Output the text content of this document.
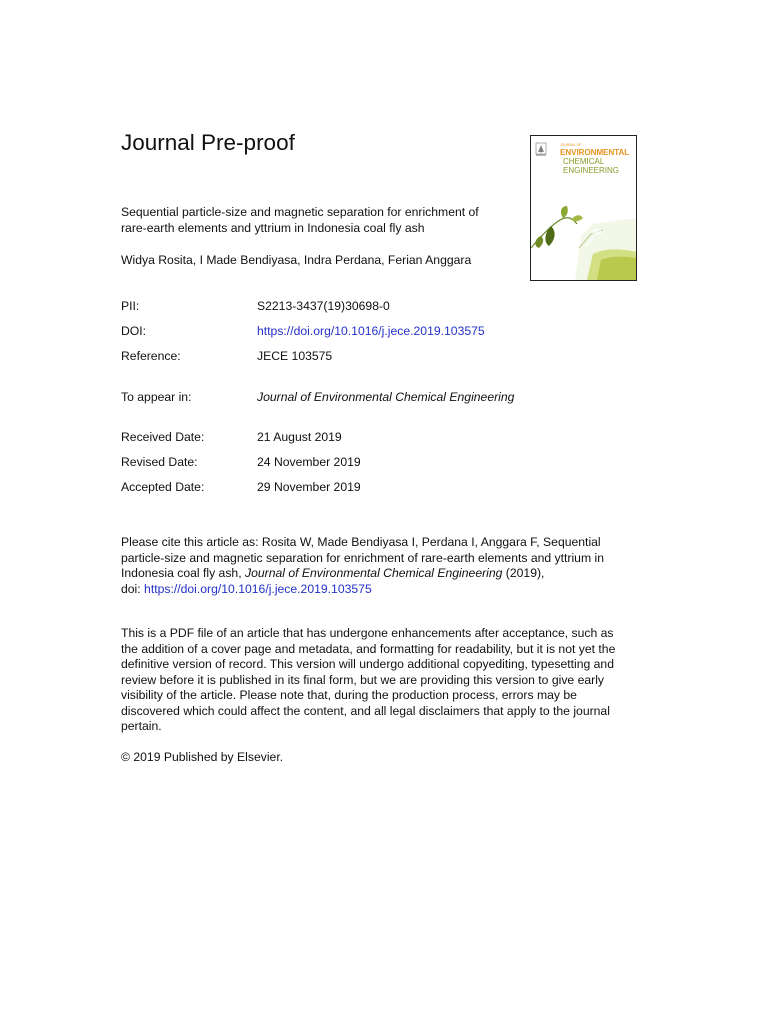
Journal Pre-proof	JOURNAL OF
ENVIRONMENTAL
CHEMICAL
ENGINEERING
Sequential particle-size and magnetic separation for enrichment of
rare-earth elements and yttrium in Indonesia coal fly ash
Widya Rosita, I Made Bendiyasa, Indra Perdana, Ferian Anggara
PII:	S2213-3437(19)30698-0
DOI:	https://doi.org/10.1016/j.jece.2019.103575
Reference:	JECE 103575
To appear in:	Journal of Environmental Chemical Engineering
Received Date:	21 August 2019
Revised Date:	24 November 2019
Accepted Date:	29 November 2019
Please cite this article as: Rosita W, Made Bendiyasa I, Perdana I, Anggara F, Sequential
particle-size and magnetic separation for enrichment of rare-earth elements and yttrium in
Indonesia coal fly ash, Journal of Environmental Chemical Engineering (2019),
doi: https://doi.org/10.1016/j.jece.2019.103575
This is a PDF file of an article that has undergone enhancements after acceptance, such as
the addition of a cover page and metadata, and formatting for readability, but it is not yet the
definitive version of record. This version will undergo additional copyediting, typesetting and
review before it is published in its final form, but we are providing this version to give early
visibility of the article. Please note that, during the production process, errors may be
discovered which could affect the content, and all legal disclaimers that apply to the journal
pertain.
© 2019 Published by Elsevier.
